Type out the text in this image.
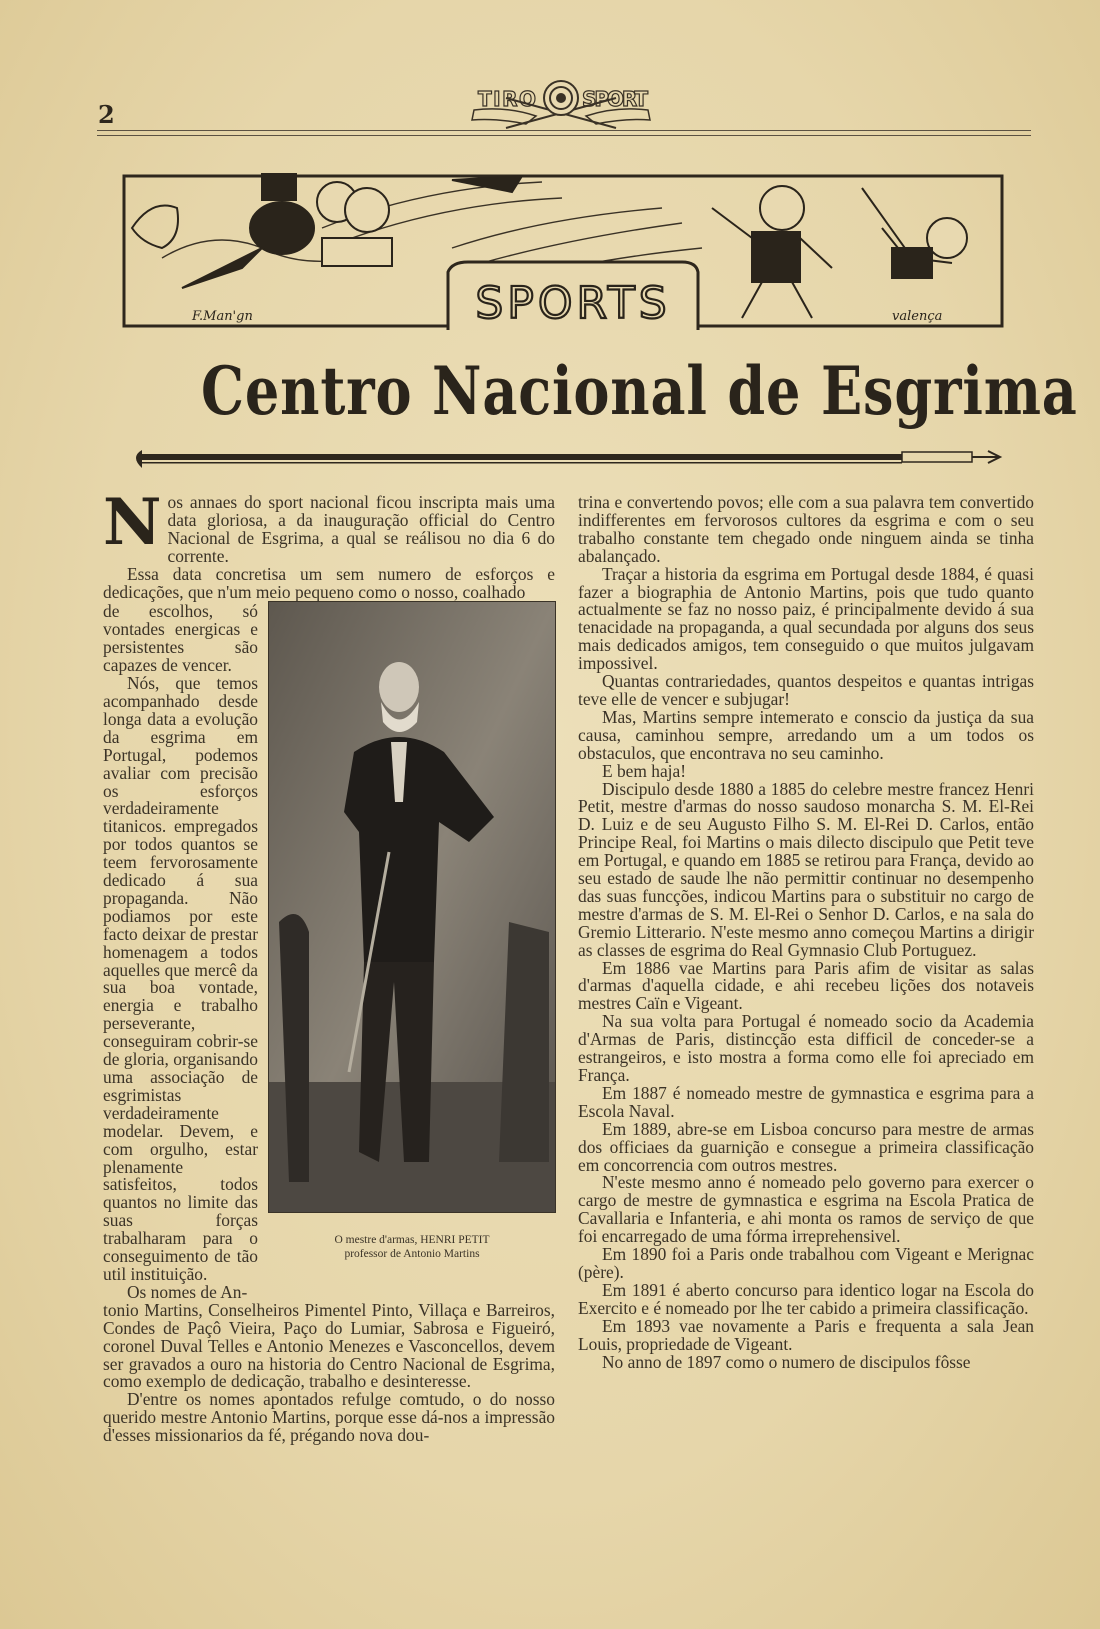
2
TIRO SPORT
SPORTS
F.Man'gn	valença
Centro Nacional de Esgrima

Nos annaes do sport nacional ficou inscripta mais uma data gloriosa, a da inauguração official do Centro Nacional de Esgrima, a qual se reálisou no dia 6 do corrente.

Essa data concretisa um sem numero de esforços e dedicações, que n'um meio pequeno como o nosso, coalhado

de escolhos, só vontades energicas e persistentes são capazes de vencer.

Nós, que temos acompanhado desde longa data a evolução da esgrima em Portugal, podemos avaliar com precisão os esforços verdadeiramente titanicos. empregados por todos quantos se teem fervorosamente dedicado á sua propaganda. Não podiamos por este facto deixar de prestar homenagem a todos aquelles que mercê da sua boa vontade, energia e trabalho perseverante, conseguiram cobrir-se de gloria, organisando uma associação de esgrimistas verdadeiramente modelar. Devem, e com orgulho, estar plenamente satisfeitos, todos quantos no limite das suas forças trabalharam para o conseguimento de tão util instituição.

Os nomes de An-

O mestre d'armas, HENRI PETIT
professor de Antonio Martins

tonio Martins, Conselheiros Pimentel Pinto, Villaça e Barreiros, Condes de Paçô Vieira, Paço do Lumiar, Sabrosa e Figueiró, coronel Duval Telles e Antonio Menezes e Vasconcellos, devem ser gravados a ouro na historia do Centro Nacional de Esgrima, como exemplo de dedicação, trabalho e desinteresse.

D'entre os nomes apontados refulge comtudo, o do nosso querido mestre Antonio Martins, porque esse dá-nos a impressão d'esses missionarios da fé, prégando nova dou-

trina e convertendo povos; elle com a sua palavra tem convertido indifferentes em fervorosos cultores da esgrima e com o seu trabalho constante tem chegado onde ninguem ainda se tinha abalançado.

Traçar a historia da esgrima em Portugal desde 1884, é quasi fazer a biographia de Antonio Martins, pois que tudo quanto actualmente se faz no nosso paiz, é principalmente devido á sua tenacidade na propaganda, a qual secundada por alguns dos seus mais dedicados amigos, tem conseguido o que muitos julgavam impossivel.

Quantas contrariedades, quantos despeitos e quantas intrigas teve elle de vencer e subjugar!

Mas, Martins sempre intemerato e conscio da justiça da sua causa, caminhou sempre, arredando um a um todos os obstaculos, que encontrava no seu caminho.

E bem haja!

Discipulo desde 1880 a 1885 do celebre mestre francez Henri Petit, mestre d'armas do nosso saudoso monarcha S. M. El-Rei D. Luiz e de seu Augusto Filho S. M. El-Rei D. Carlos, então Principe Real, foi Martins o mais dilecto discipulo que Petit teve em Portugal, e quando em 1885 se retirou para França, devido ao seu estado de saude lhe não permittir continuar no desempenho das suas funcções, indicou Martins para o substituir no cargo de mestre d'armas de S. M. El-Rei o Senhor D. Carlos, e na sala do Gremio Litterario. N'este mesmo anno começou Martins a dirigir as classes de esgrima do Real Gymnasio Club Portuguez.

Em 1886 vae Martins para Paris afim de visitar as salas d'armas d'aquella cidade, e ahi recebeu lições dos notaveis mestres Caïn e Vigeant.

Na sua volta para Portugal é nomeado socio da Academia d'Armas de Paris, distincção esta difficil de conceder-se a estrangeiros, e isto mostra a forma como elle foi apreciado em França.

Em 1887 é nomeado mestre de gymnastica e esgrima para a Escola Naval.

Em 1889, abre-se em Lisboa concurso para mestre de armas dos officiaes da guarnição e consegue a primeira classificação em concorrencia com outros mestres.

N'este mesmo anno é nomeado pelo governo para exercer o cargo de mestre de gymnastica e esgrima na Escola Pratica de Cavallaria e Infanteria, e ahi monta os ramos de serviço de que foi encarregado de uma fórma irreprehensivel.

Em 1890 foi a Paris onde trabalhou com Vigeant e Merignac (père).

Em 1891 é aberto concurso para identico logar na Escola do Exercito e é nomeado por lhe ter cabido a primeira classificação.

Em 1893 vae novamente a Paris e frequenta a sala Jean Louis, propriedade de Vigeant.

No anno de 1897 como o numero de discipulos fôsse
